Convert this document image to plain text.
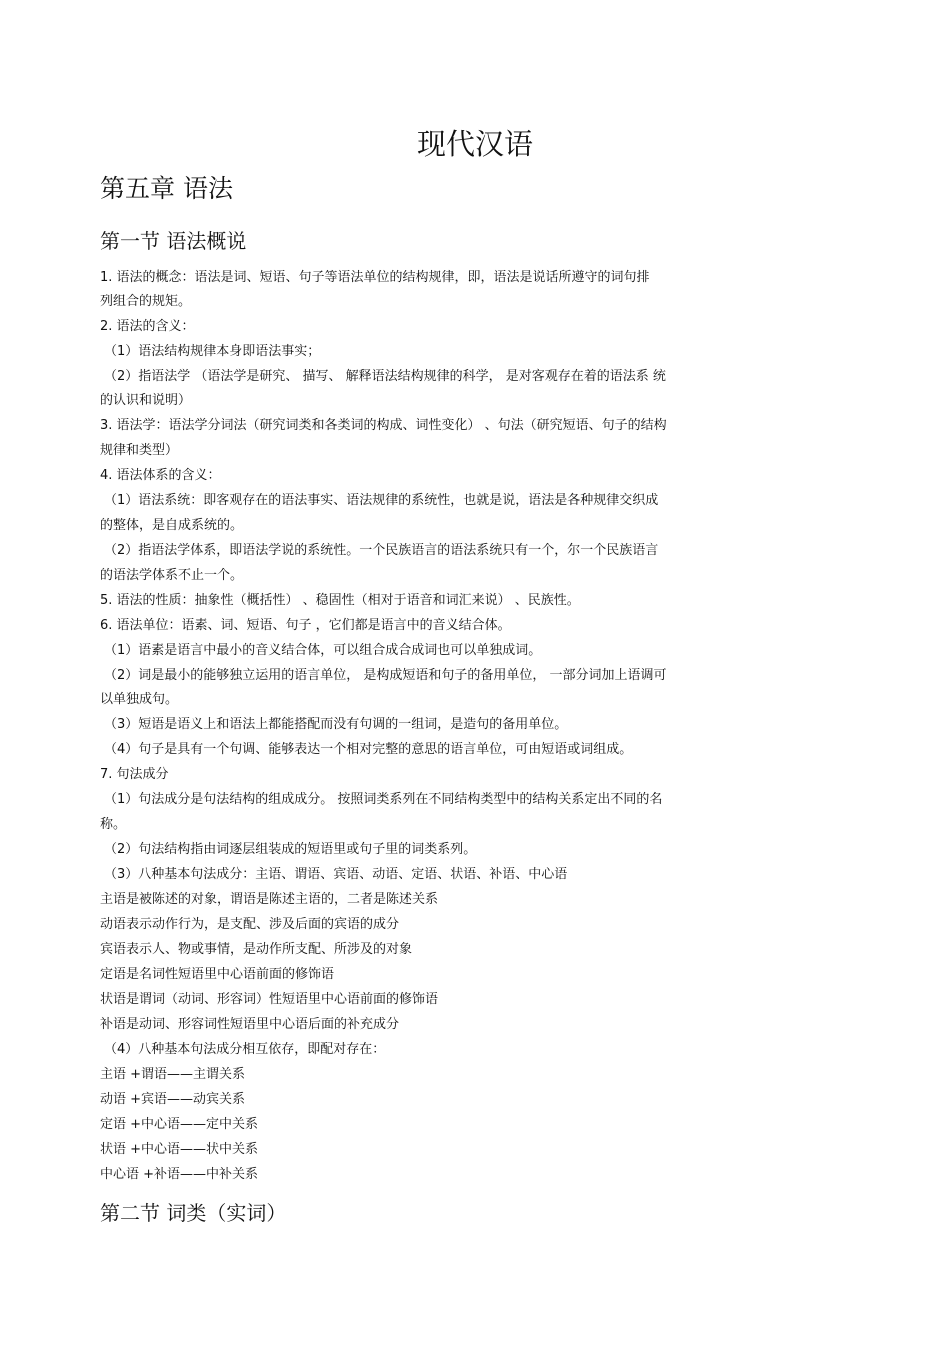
现代汉语
第五章 语法
第一节 语法概说
1. 语法的概念：语法是词、短语、句子等语法单位的结构规律，即，语法是说话所遵守的词句排
列组合的规矩。
2. 语法的含义：
（1）语法结构规律本身即语法事实；
（2）指语法学 （语法学是研究、 描写、 解释语法结构规律的科学， 是对客观存在着的语法系 统
的认识和说明）
3. 语法学：语法学分词法（研究词类和各类词的构成、词性变化） 、句法（研究短语、句子的结构
规律和类型）
4. 语法体系的含义：
（1）语法系统：即客观存在的语法事实、语法规律的系统性，也就是说，语法是各种规律交织成
的整体，是自成系统的。
（2）指语法学体系，即语法学说的系统性。一个民族语言的语法系统只有一个，尔一个民族语言
的语法学体系不止一个。
5. 语法的性质：抽象性（概括性） 、稳固性（相对于语音和词汇来说） 、民族性。
6. 语法单位：语素、词、短语、句子 ，它们都是语言中的音义结合体。
（1）语素是语言中最小的音义结合体，可以组合成合成词也可以单独成词。
（2）词是最小的能够独立运用的语言单位， 是构成短语和句子的备用单位， 一部分词加上语调可
以单独成句。
（3）短语是语义上和语法上都能搭配而没有句调的一组词，是造句的备用单位。
（4）句子是具有一个句调、能够表达一个相对完整的意思的语言单位，可由短语或词组成。
7. 句法成分
（1）句法成分是句法结构的组成成分。 按照词类系列在不同结构类型中的结构关系定出不同的名
称。
（2）句法结构指由词逐层组装成的短语里或句子里的词类系列。
（3）八种基本句法成分：主语、谓语、宾语、动语、定语、状语、补语、中心语
主语是被陈述的对象，谓语是陈述主语的，二者是陈述关系
动语表示动作行为，是支配、涉及后面的宾语的成分
宾语表示人、物或事情，是动作所支配、所涉及的对象
定语是名词性短语里中心语前面的修饰语
状语是谓词（动词、形容词）性短语里中心语前面的修饰语
补语是动词、形容词性短语里中心语后面的补充成分
（4）八种基本句法成分相互依存，即配对存在：
主语 +谓语——主谓关系
动语 +宾语——动宾关系
定语 +中心语——定中关系
状语 +中心语——状中关系
中心语 +补语——中补关系
第二节 词类（实词）
